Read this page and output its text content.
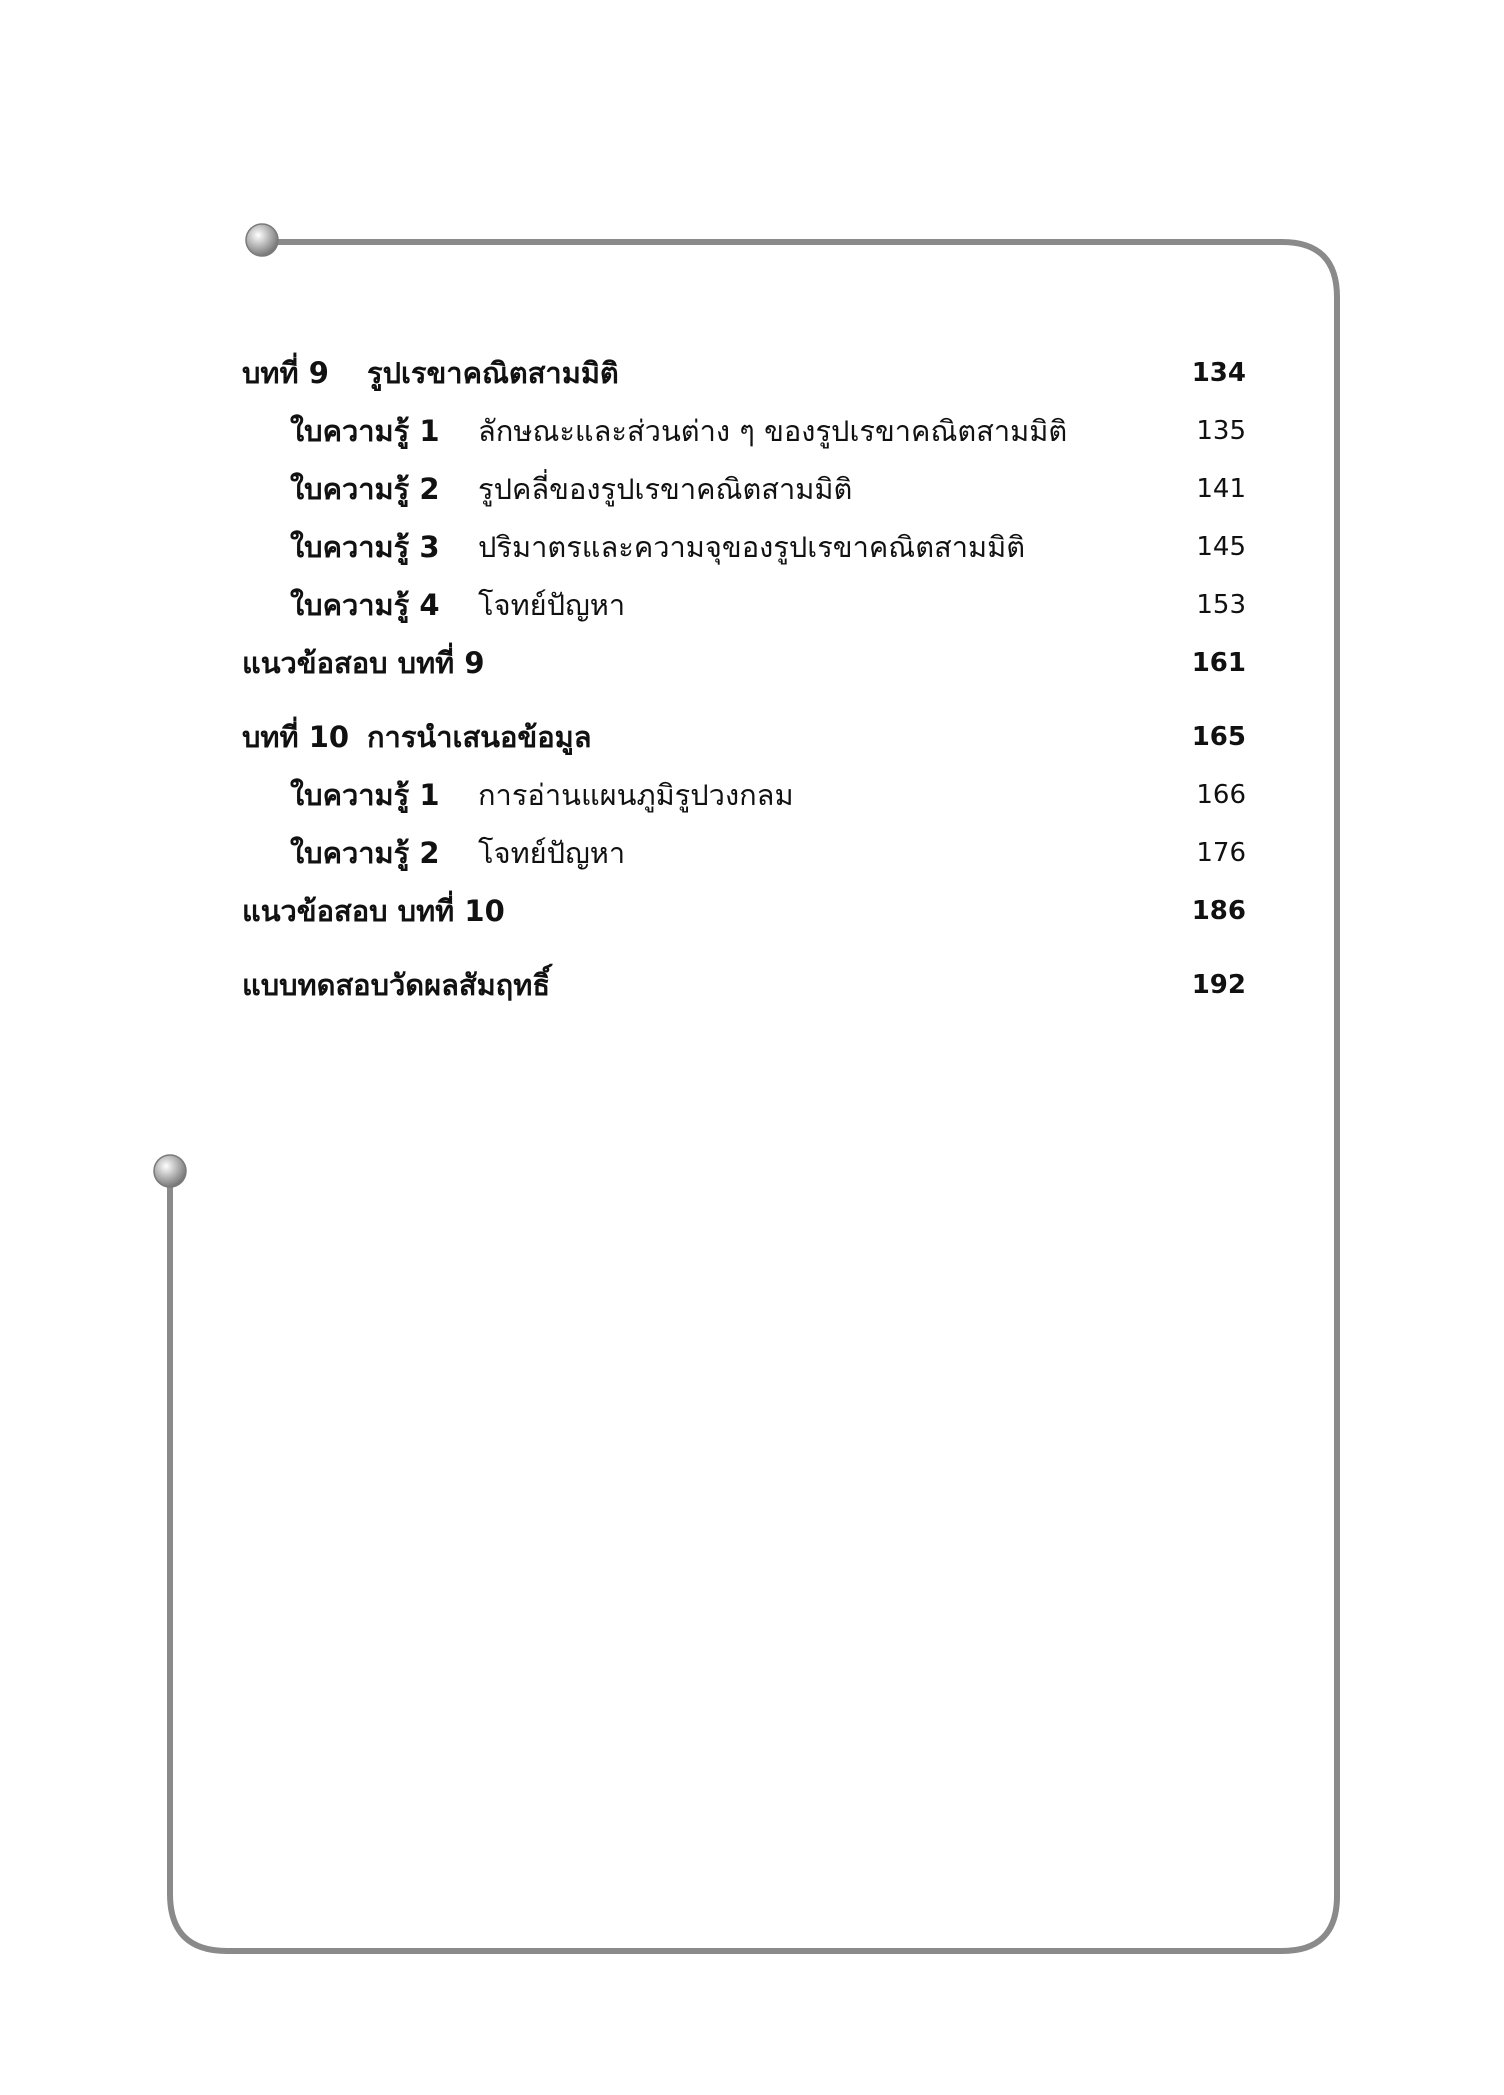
บทที่ 9 รูปเรขาคณิตสามมิติ	134
ใบความรู้ 1 ลักษณะและส่วนต่าง ๆ ของรูปเรขาคณิตสามมิติ	135
ใบความรู้ 2 รูปคลี่ของรูปเรขาคณิตสามมิติ	141
ใบความรู้ 3 ปริมาตรและความจุของรูปเรขาคณิตสามมิติ	145
ใบความรู้ 4 โจทย์ปัญหา	153
แนวข้อสอบ บทที่ 9	161
บทที่ 10 การนำเสนอข้อมูล	165
ใบความรู้ 1 การอ่านแผนภูมิรูปวงกลม	166
ใบความรู้ 2 โจทย์ปัญหา	176
แนวข้อสอบ บทที่ 10	186
แบบทดสอบวัดผลสัมฤทธิ์	192
